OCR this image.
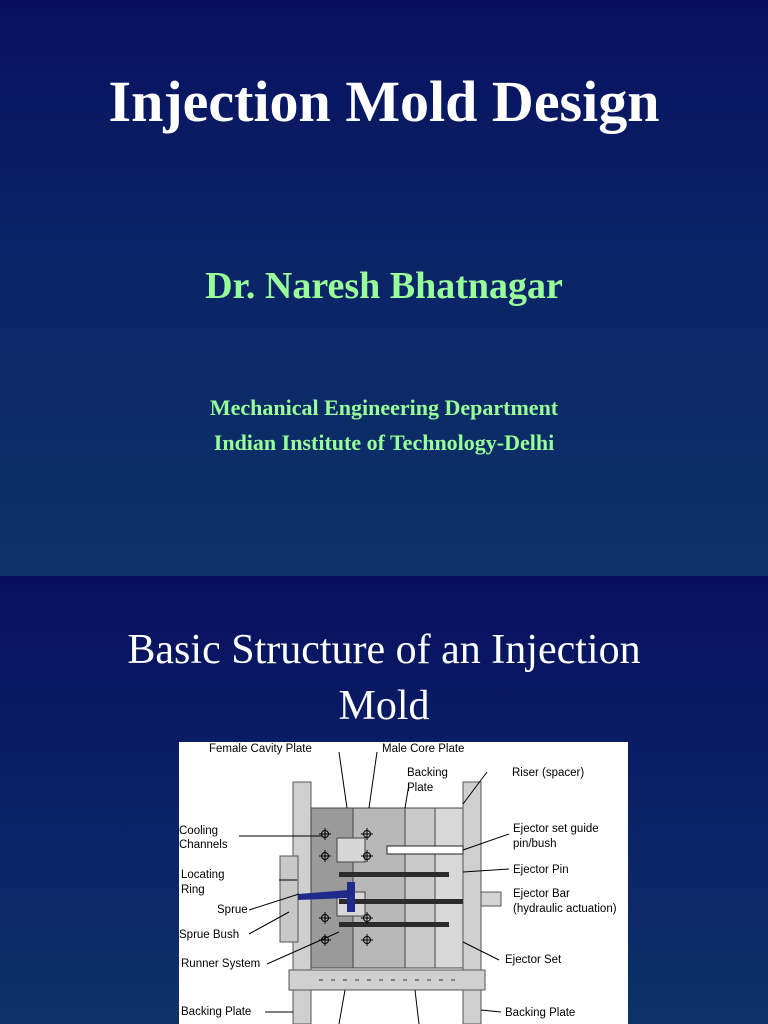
Injection Mold Design
Dr. Naresh Bhatnagar
Mechanical Engineering Department
Indian Institute of Technology-Delhi
Basic Structure of an Injection
Mold
Female Cavity Plate	Male Core Plate
Backing
Plate
Riser (spacer)
Cooling
Channels
Ejector set guide
pin/bush
Locating
Ring
Ejector Pin
Ejector Bar
(hydraulic actuation)
Sprue
Sprue Bush
Ejector Set
Runner System
Backing Plate	Backing Plate
